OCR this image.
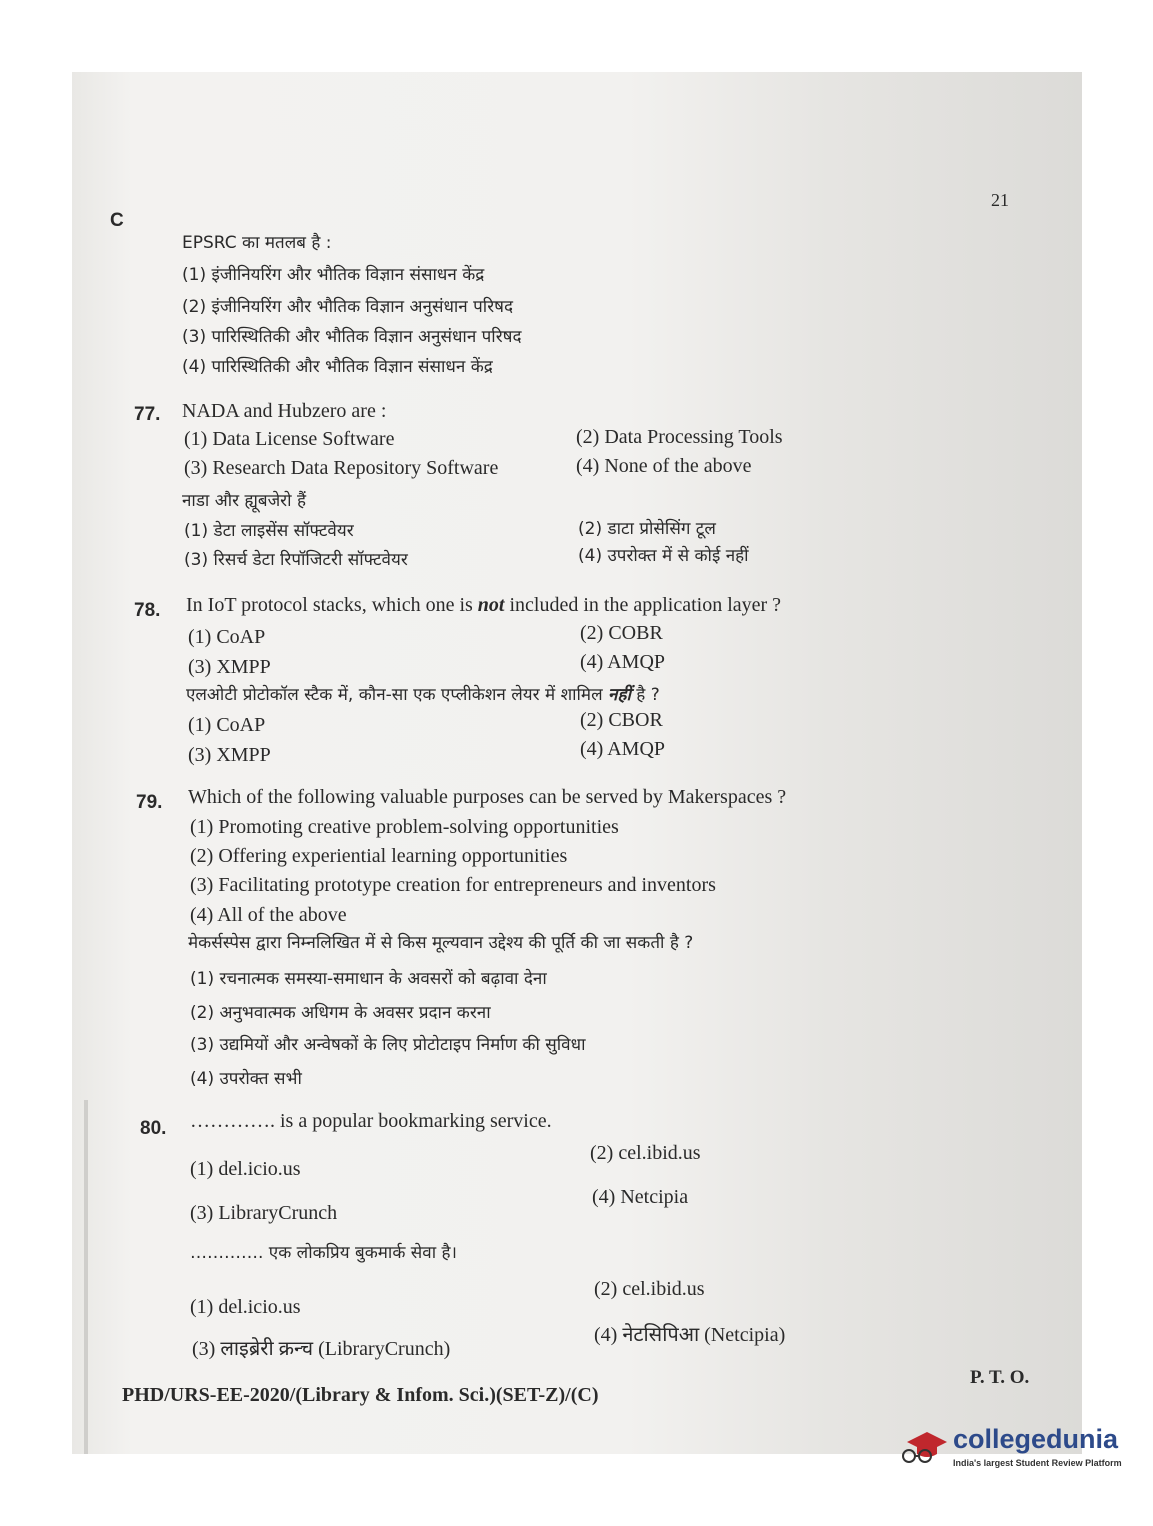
21
C
EPSRC का मतलब है :
(1) इंजीनियरिंग और भौतिक विज्ञान संसाधन केंद्र
(2) इंजीनियरिंग और भौतिक विज्ञान अनुसंधान परिषद
(3) पारिस्थितिकी और भौतिक विज्ञान अनुसंधान परिषद
(4) पारिस्थितिकी और भौतिक विज्ञान संसाधन केंद्र
77. NADA and Hubzero are :
(1) Data License Software	(2) Data Processing Tools
(3) Research Data Repository Software	(4) None of the above
नाडा और ह्यूबजेरो हैं
(1) डेटा लाइसेंस सॉफ्टवेयर	(2) डाटा प्रोसेसिंग टूल
(3) रिसर्च डेटा रिपॉजिटरी सॉफ्टवेयर	(4) उपरोक्त में से कोई नहीं
78. In IoT protocol stacks, which one is not included in the application layer ?
(1) CoAP	(2) COBR
(3) XMPP	(4) AMQP
एलओटी प्रोटोकॉल स्टैक में, कौन-सा एक एप्लीकेशन लेयर में शामिल नहीं है ?
(1) CoAP	(2) CBOR
(3) XMPP	(4) AMQP
79. Which of the following valuable purposes can be served by Makerspaces ?
(1) Promoting creative problem-solving opportunities
(2) Offering experiential learning opportunities
(3) Facilitating prototype creation for entrepreneurs and inventors
(4) All of the above
मेकर्सस्पेस द्वारा निम्नलिखित में से किस मूल्यवान उद्देश्य की पूर्ति की जा सकती है ?
(1) रचनात्मक समस्या-समाधान के अवसरों को बढ़ावा देना
(2) अनुभवात्मक अधिगम के अवसर प्रदान करना
(3) उद्यमियों और अन्वेषकों के लिए प्रोटोटाइप निर्माण की सुविधा
(4) उपरोक्त सभी
80. …………. is a popular bookmarking service.
(1) del.icio.us
(2) cel.ibid.us
(3) LibraryCrunch
(4) Netcipia
…………. एक लोकप्रिय बुकमार्क सेवा है।
(1) del.icio.us
(2) cel.ibid.us
(3) लाइब्रेरी क्रन्च (LibraryCrunch)
(4) नेटसिपिआ (Netcipia)
PHD/URS-EE-2020/(Library & Infom. Sci.)(SET-Z)/(C)
P. T. O.
collegedunia
India's largest Student Review Platform
